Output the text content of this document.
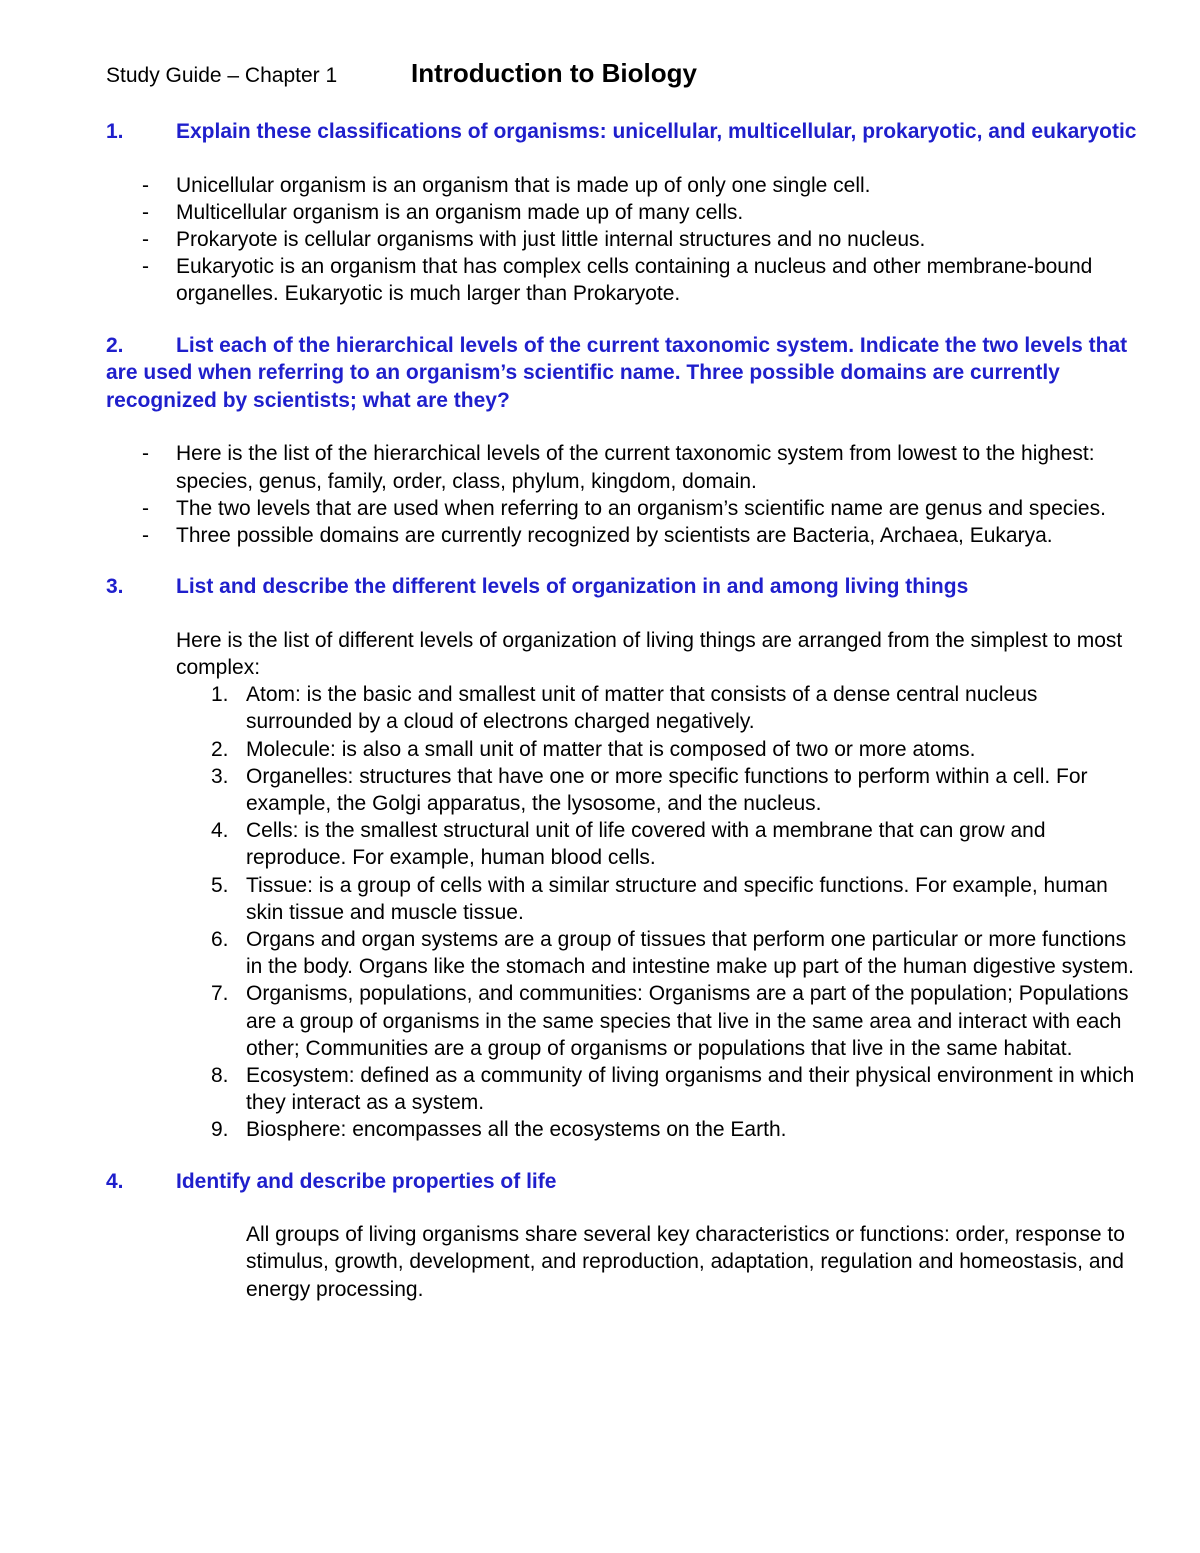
Study Guide – Chapter 1	Introduction to Biology
1. Explain these classifications of organisms: unicellular, multicellular, prokaryotic, and eukaryotic
- Unicellular organism is an organism that is made up of only one single cell.
- Multicellular organism is an organism made up of many cells.
- Prokaryote is cellular organisms with just little internal structures and no nucleus.
- Eukaryotic is an organism that has complex cells containing a nucleus and other membrane-bound organelles. Eukaryotic is much larger than Prokaryote.
2. List each of the hierarchical levels of the current taxonomic system. Indicate the two levels that are used when referring to an organism’s scientific name. Three possible domains are currently recognized by scientists; what are they?
- Here is the list of the hierarchical levels of the current taxonomic system from lowest to the highest: species, genus, family, order, class, phylum, kingdom, domain.
- The two levels that are used when referring to an organism’s scientific name are genus and species.
- Three possible domains are currently recognized by scientists are Bacteria, Archaea, Eukarya.
3. List and describe the different levels of organization in and among living things
Here is the list of different levels of organization of living things are arranged from the simplest to most complex:
1. Atom: is the basic and smallest unit of matter that consists of a dense central nucleus surrounded by a cloud of electrons charged negatively.
2. Molecule: is also a small unit of matter that is composed of two or more atoms.
3. Organelles: structures that have one or more specific functions to perform within a cell. For example, the Golgi apparatus, the lysosome, and the nucleus.
4. Cells: is the smallest structural unit of life covered with a membrane that can grow and reproduce. For example, human blood cells.
5. Tissue: is a group of cells with a similar structure and specific functions. For example, human skin tissue and muscle tissue.
6. Organs and organ systems are a group of tissues that perform one particular or more functions in the body. Organs like the stomach and intestine make up part of the human digestive system.
7. Organisms, populations, and communities: Organisms are a part of the population; Populations are a group of organisms in the same species that live in the same area and interact with each other; Communities are a group of organisms or populations that live in the same habitat.
8. Ecosystem: defined as a community of living organisms and their physical environment in which they interact as a system.
9. Biosphere: encompasses all the ecosystems on the Earth.
4. Identify and describe properties of life
All groups of living organisms share several key characteristics or functions: order, response to stimulus, growth, development, and reproduction, adaptation, regulation and homeostasis, and energy processing.
